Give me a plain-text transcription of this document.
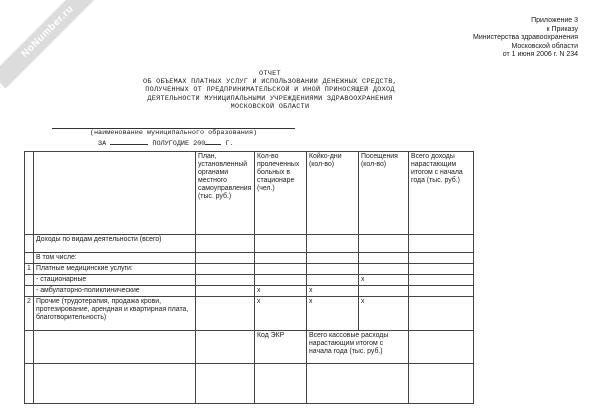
NoNumber.ru	Приложение 3
к Приказу
Министерства здравоохранения
Московской области
от 1 июня 2006 г. N 234
ОТЧЕТ
ОБ ОБЪЕМАХ ПЛАТНЫХ УСЛУГ И ИСПОЛЬЗОВАНИИ ДЕНЕЖНЫХ СРЕДСТВ,
ПОЛУЧЕННЫХ ОТ ПРЕДПРИНИМАТЕЛЬСКОЙ И ИНОЙ ПРИНОСЯЩЕЙ ДОХОД
ДЕЯТЕЛЬНОСТИ МУНИЦИПАЛЬНЫМИ УЧРЕЖДЕНИЯМИ ЗДРАВООХРАНЕНИЯ
МОСКОВСКОЙ ОБЛАСТИ
(наименование муниципального образования)
ЗА	ПОЛУГОДИЕ 200	Г.
		План, установленный органами местного самоуправления (тыс. руб.)	Кол-во пролеченных больных в стационаре (чел.)	Койко-дни (кол-во)	Посещения (кол-во)	Всего доходы нарастающим итогом с начала года (тыс. руб.)
	Доходы по видам деятельности (всего)					
	В том числе:					
1	Платные медицинские услуги:					
	- стационарные				x	
	- амбулаторно-поликлинические		x	x		
2	Прочие (трудотерапия, продажа крови, протезирование, арендная и квартирная плата, благотворительность)		x	x	x	
			Код ЭКР	Всего кассовые расходы нарастающим итогом с начала года (тыс. руб.)		
